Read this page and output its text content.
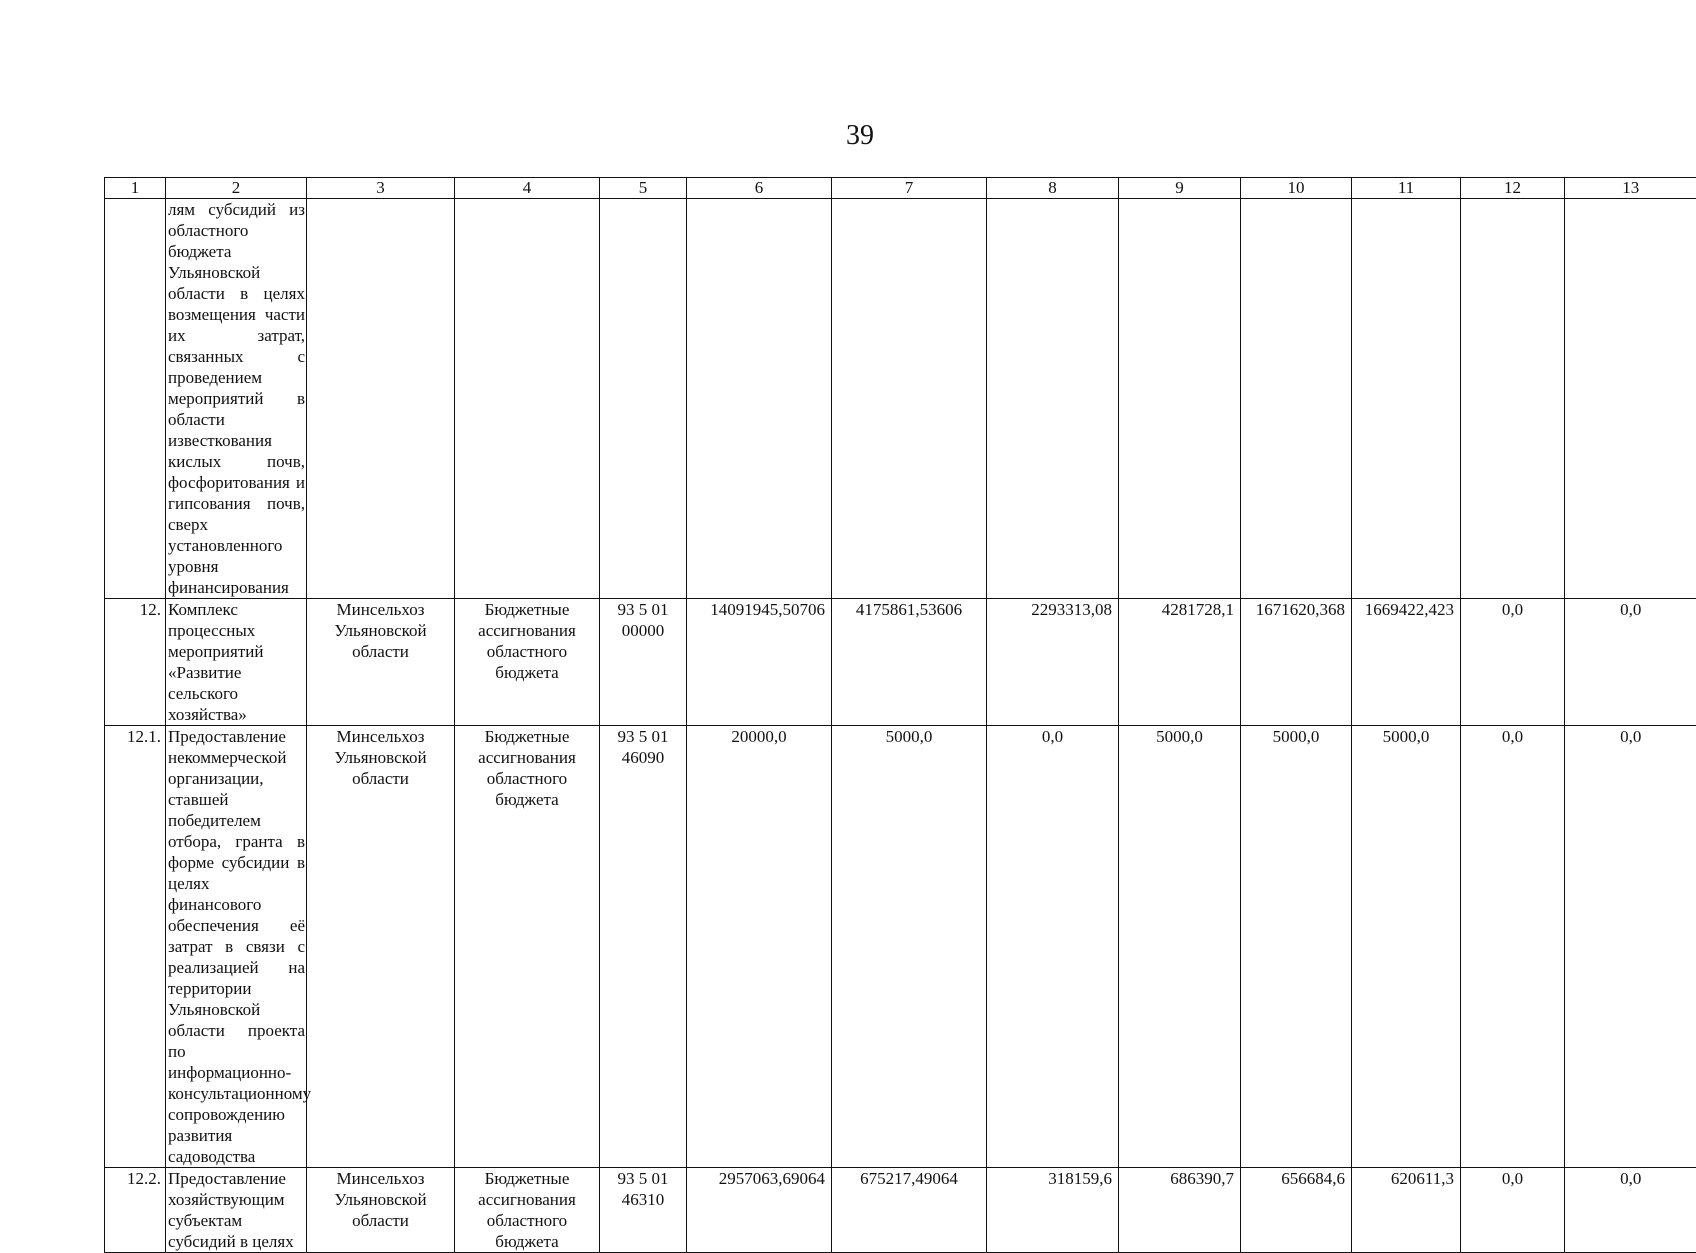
39
1	2	3	4	5	6	7	8	9	10	11	12	13
	лям субсидий из областного бюджета Ульяновской области в целях возмещения части их затрат, связанных с проведением мероприятий в области известкования кислых почв, фосфоритования и гипсования почв, сверх установленного уровня финансирования											
12.	Комплекс процессных мероприятий «Развитие сельского хозяйства»	Минсельхоз Ульяновской области	Бюджетные ассигнования областного бюджета	93 5 01 00000	14091945,50706	4175861,53606	2293313,08	4281728,1	1671620,368	1669422,423	0,0	0,0
12.1.	Предоставление некоммерческой организации, ставшей победителем отбора, гранта в форме субсидии в целях финансового обеспечения её затрат в связи с реализацией на территории Ульяновской области проекта по информационно-консультационному сопровождению развития садоводства	Минсельхоз Ульяновской области	Бюджетные ассигнования областного бюджета	93 5 01 46090	20000,0	5000,0	0,0	5000,0	5000,0	5000,0	0,0	0,0
12.2.	Предоставление хозяйствующим субъектам субсидий в целях	Минсельхоз Ульяновской области	Бюджетные ассигнования областного бюджета	93 5 01 46310	2957063,69064	675217,49064	318159,6	686390,7	656684,6	620611,3	0,0	0,0
